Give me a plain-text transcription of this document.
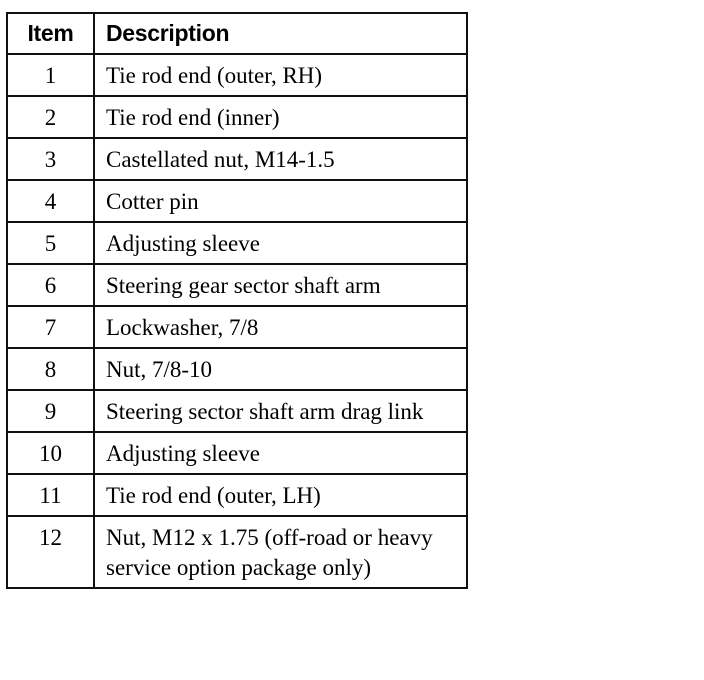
Item	Description
1	Tie rod end (outer, RH)
2	Tie rod end (inner)
3	Castellated nut, M14-1.5
4	Cotter pin
5	Adjusting sleeve
6	Steering gear sector shaft arm
7	Lockwasher, 7/8
8	Nut, 7/8-10
9	Steering sector shaft arm drag link
10	Adjusting sleeve
11	Tie rod end (outer, LH)
12	Nut, M12 x 1.75 (off-road or heavy service option package only)
